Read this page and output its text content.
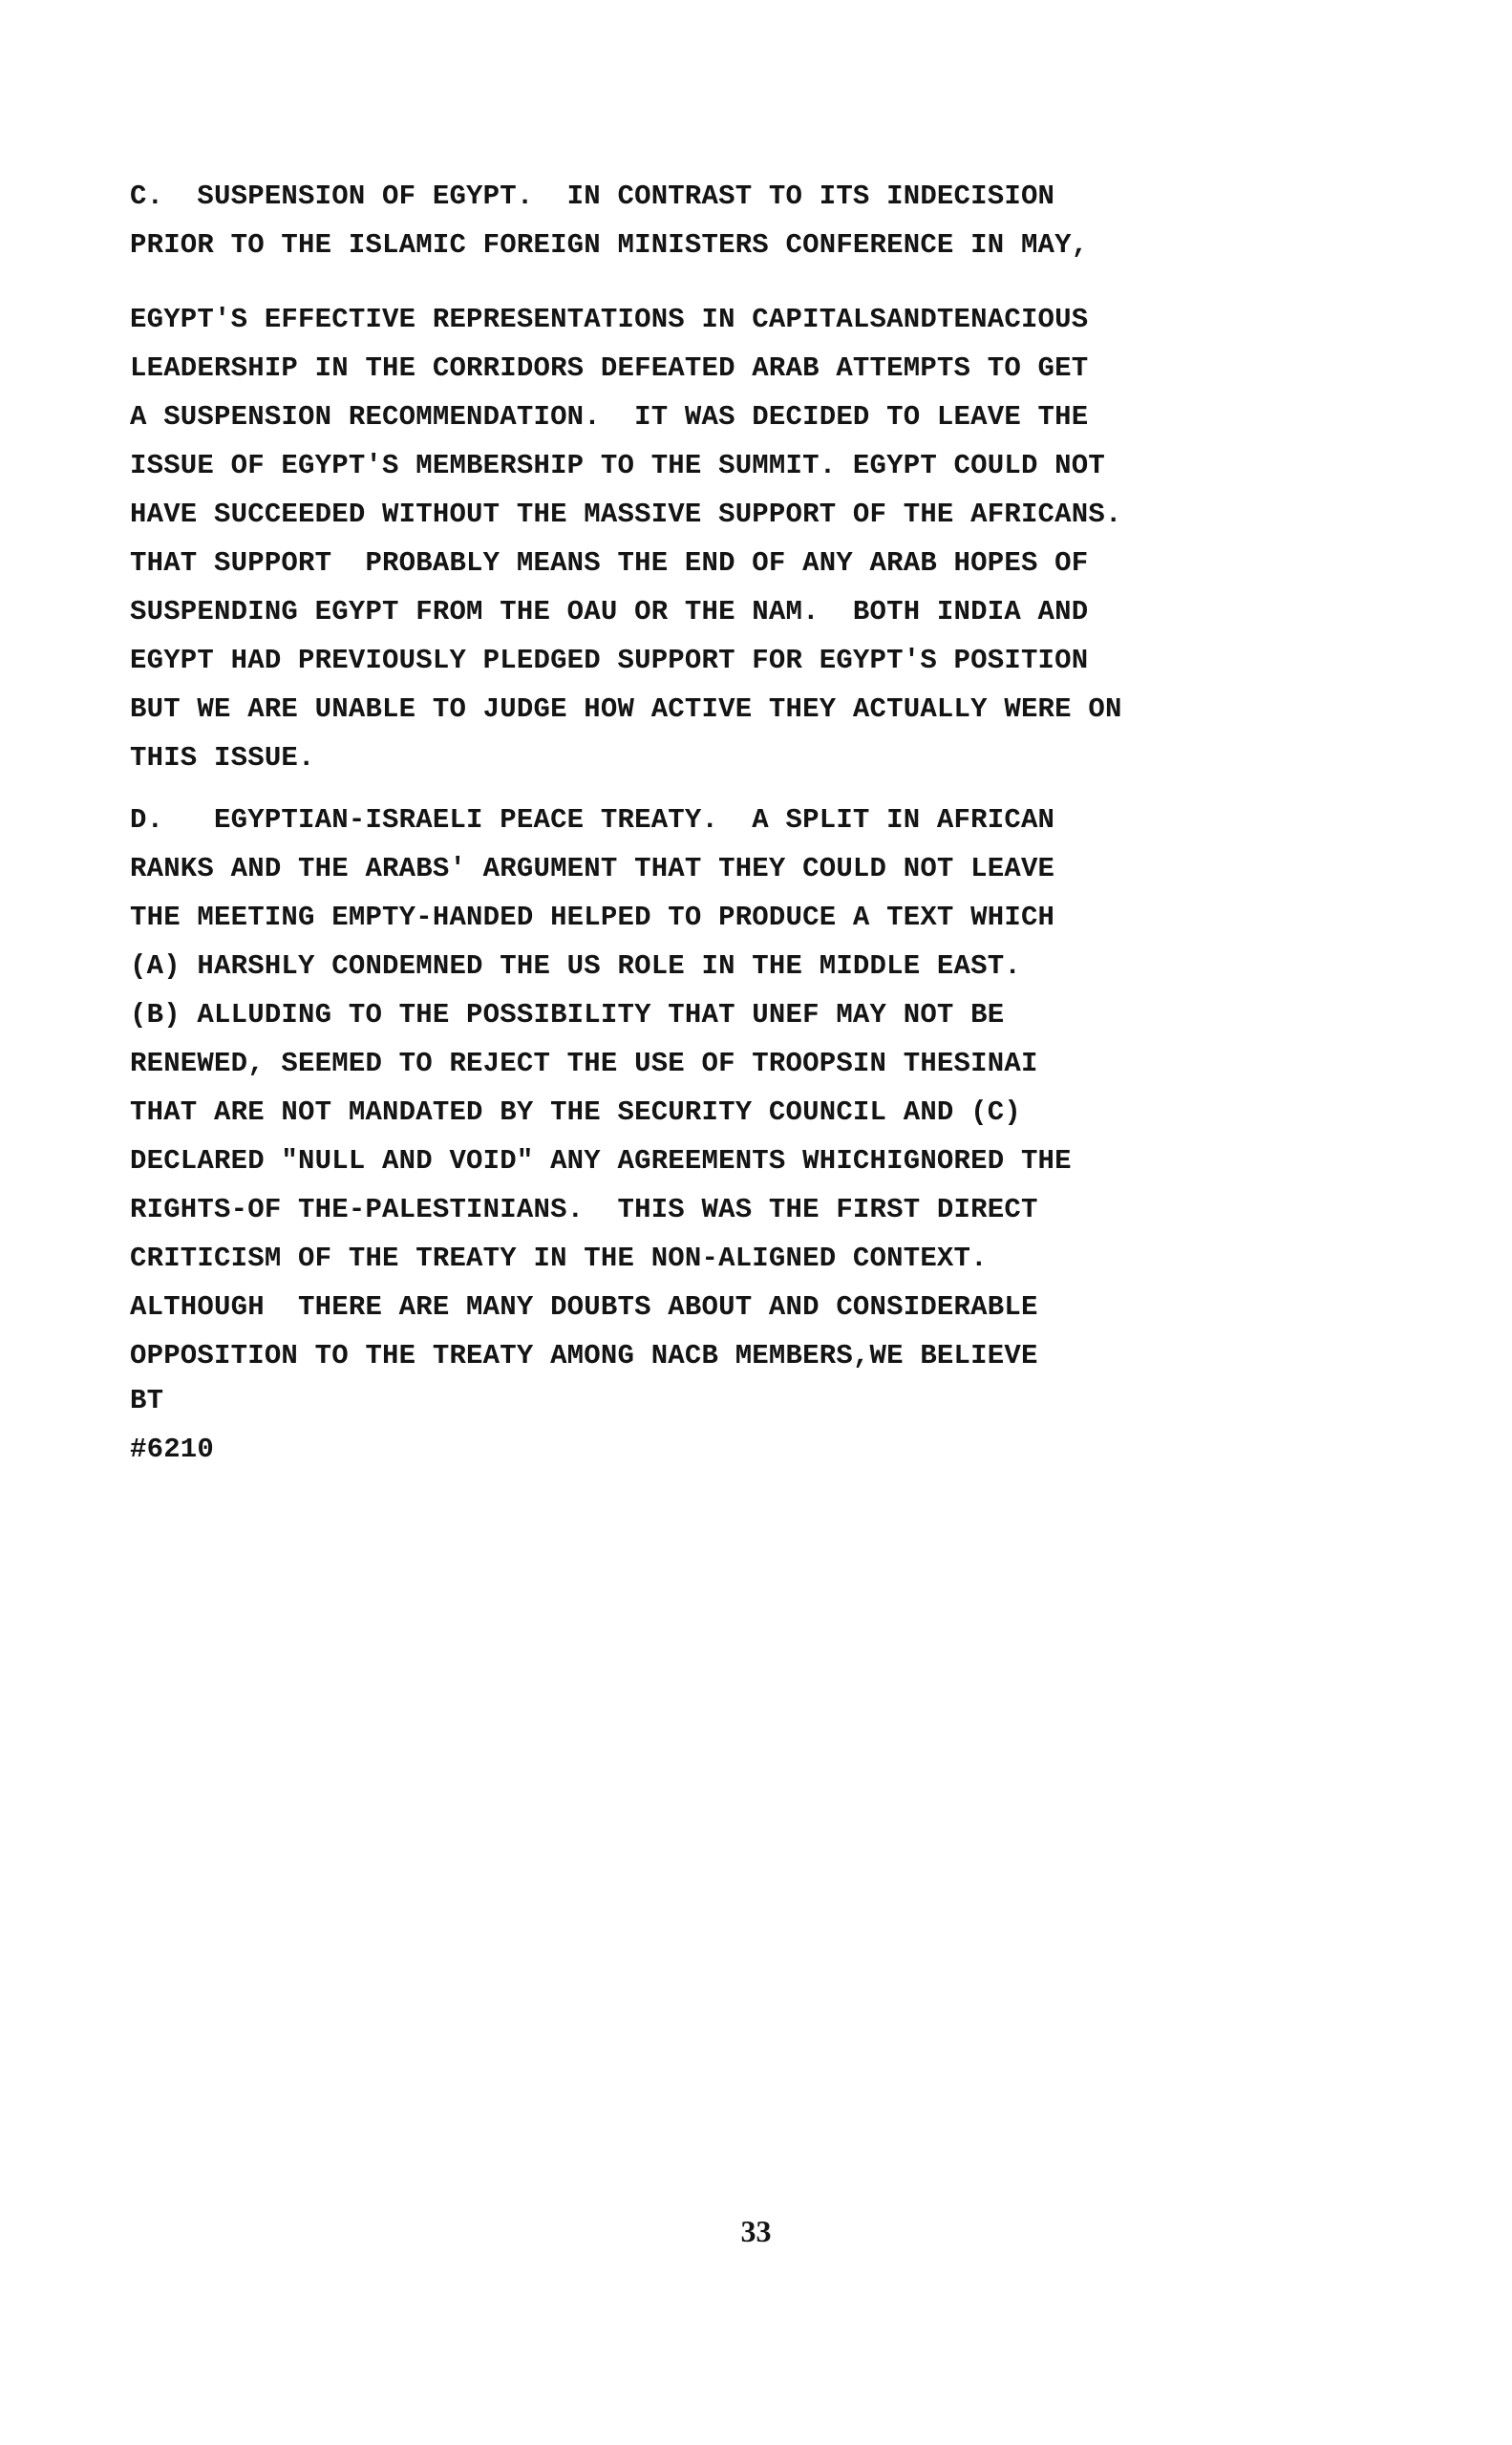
C.  SUSPENSION OF EGYPT.  IN CONTRAST TO ITS INDECISION
PRIOR TO THE ISLAMIC FOREIGN MINISTERS CONFERENCE IN MAY,
EGYPT'S EFFECTIVE REPRESENTATIONS IN CAPITALSANDTENACIOUS
LEADERSHIP IN THE CORRIDORS DEFEATED ARAB ATTEMPTS TO GET
A SUSPENSION RECOMMENDATION.  IT WAS DECIDED TO LEAVE THE
ISSUE OF EGYPT'S MEMBERSHIP TO THE SUMMIT. EGYPT COULD NOT
HAVE SUCCEEDED WITHOUT THE MASSIVE SUPPORT OF THE AFRICANS.
THAT SUPPORT  PROBABLY MEANS THE END OF ANY ARAB HOPES OF
SUSPENDING EGYPT FROM THE OAU OR THE NAM.  BOTH INDIA AND
EGYPT HAD PREVIOUSLY PLEDGED SUPPORT FOR EGYPT'S POSITION
BUT WE ARE UNABLE TO JUDGE HOW ACTIVE THEY ACTUALLY WERE ON
THIS ISSUE.
D.   EGYPTIAN-ISRAELI PEACE TREATY.  A SPLIT IN AFRICAN
RANKS AND THE ARABS' ARGUMENT THAT THEY COULD NOT LEAVE
THE MEETING EMPTY-HANDED HELPED TO PRODUCE A TEXT WHICH
(A) HARSHLY CONDEMNED THE US ROLE IN THE MIDDLE EAST.
(B) ALLUDING TO THE POSSIBILITY THAT UNEF MAY NOT BE
RENEWED, SEEMED TO REJECT THE USE OF TROOPSIN THESINAI
THAT ARE NOT MANDATED BY THE SECURITY COUNCIL AND (C)
DECLARED "NULL AND VOID" ANY AGREEMENTS WHICHIGNORED THE
RIGHTS-OF THE-PALESTINIANS.  THIS WAS THE FIRST DIRECT
CRITICISM OF THE TREATY IN THE NON-ALIGNED CONTEXT.
ALTHOUGH  THERE ARE MANY DOUBTS ABOUT AND CONSIDERABLE
OPPOSITION TO THE TREATY AMONG NACB MEMBERS,WE BELIEVE
BT
#6210
33
